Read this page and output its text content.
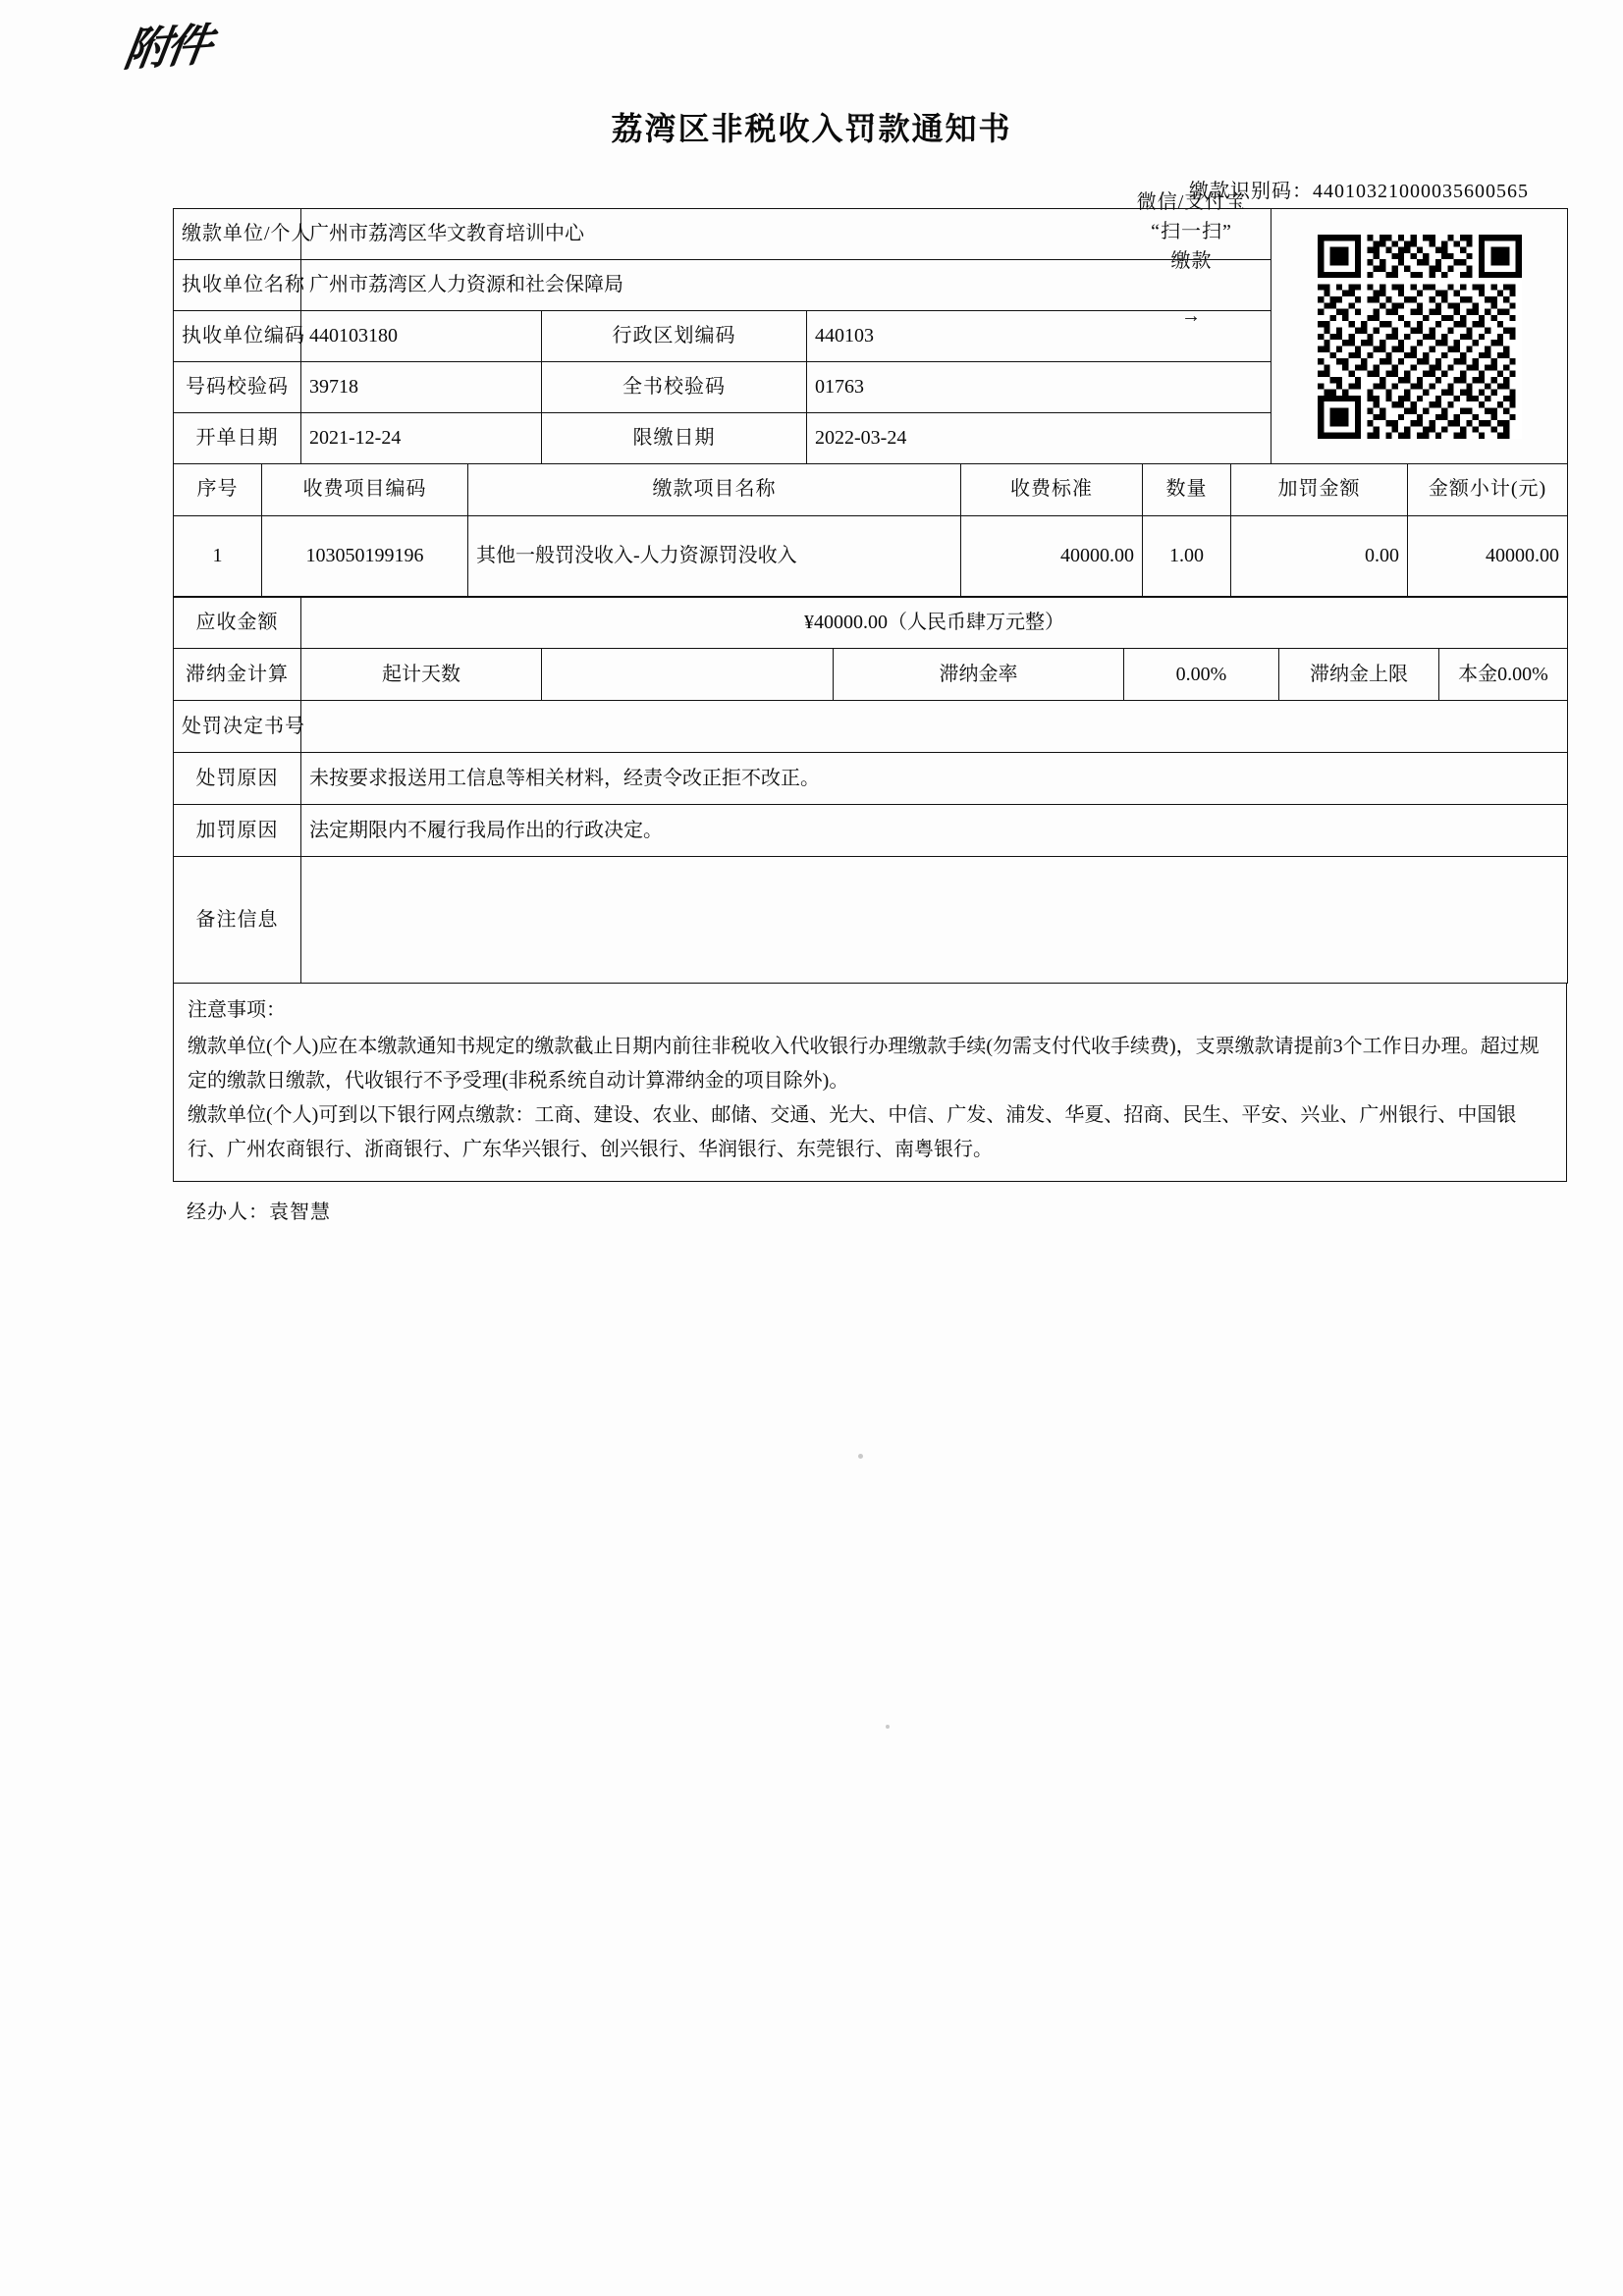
附件
荔湾区非税收入罚款通知书
缴款识别码：44010321000035600565
缴款单位/个人	广州市荔湾区华文教育培训中心	

执收单位名称	广州市荔湾区人力资源和社会保障局			
执收单位编码	440103180	行政区划编码	440103	
号码校验码	39718	全书校验码	01763	
开单日期	2021-12-24	限缴日期	2022-03-24	
微信/支付宝
“扫一扫”
缴款
→
序号	收费项目编码	缴款项目名称	收费标准	数量	加罚金额	金额小计(元)
1	103050199196	其他一般罚没收入-人力资源罚没收入	40000.00	1.00	0.00	40000.00
应收金额	¥40000.00（人民币肆万元整）					
滞纳金计算	起计天数		滞纳金率	0.00%	滞纳金上限	本金0.00%
处罚决定书号						
处罚原因	未按要求报送用工信息等相关材料，经责令改正拒不改正。					
加罚原因	法定期限内不履行我局作出的行政决定。					
备注信息						

注意事项：

缴款单位(个人)应在本缴款通知书规定的缴款截止日期内前往非税收入代收银行办理缴款手续(勿需支付代收手续费)，支票缴款请提前3个工作日办理。超过规定的缴款日缴款，代收银行不予受理(非税系统自动计算滞纳金的项目除外)。

缴款单位(个人)可到以下银行网点缴款：工商、建设、农业、邮储、交通、光大、中信、广发、浦发、华夏、招商、民生、平安、兴业、广州银行、中国银行、广州农商银行、浙商银行、广东华兴银行、创兴银行、华润银行、东莞银行、南粤银行。

经办人：袁智慧
